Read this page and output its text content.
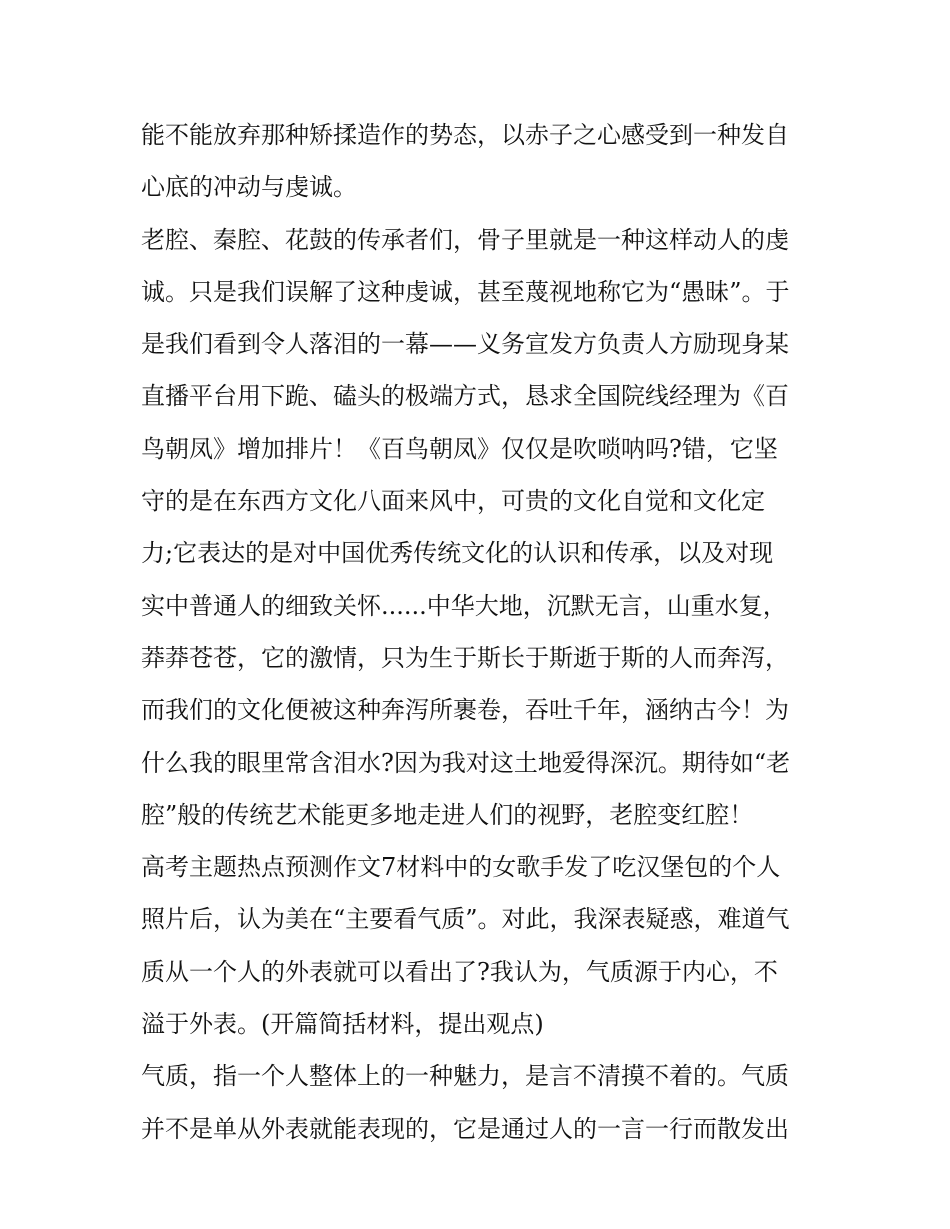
能不能放弃那种矫揉造作的势态，以赤子之心感受到一种发自
心底的冲动与虔诚。
老腔、秦腔、花鼓的传承者们，骨子里就是一种这样动人的虔
诚。只是我们误解了这种虔诚，甚至蔑视地称它为“愚昧”。于
是我们看到令人落泪的一幕——义务宣发方负责人方励现身某
直播平台用下跪、磕头的极端方式，恳求全国院线经理为《百
鸟朝凤》增加排片！《百鸟朝凤》仅仅是吹唢呐吗?错，它坚
守的是在东西方文化八面来风中，可贵的文化自觉和文化定
力;它表达的是对中国优秀传统文化的认识和传承，以及对现
实中普通人的细致关怀......中华大地，沉默无言，山重水复，
莽莽苍苍，它的激情，只为生于斯长于斯逝于斯的人而奔泻，
而我们的文化便被这种奔泻所裹卷，吞吐千年，涵纳古今！为
什么我的眼里常含泪水?因为我对这土地爱得深沉。期待如“老
腔”般的传统艺术能更多地走进人们的视野，老腔变红腔！
高考主题热点预测作文7材料中的女歌手发了吃汉堡包的个人
照片后，认为美在“主要看气质”。对此，我深表疑惑，难道气
质从一个人的外表就可以看出了?我认为，气质源于内心，不
溢于外表。(开篇简括材料，提出观点)
气质，指一个人整体上的一种魅力，是言不清摸不着的。气质
并不是单从外表就能表现的，它是通过人的一言一行而散发出
